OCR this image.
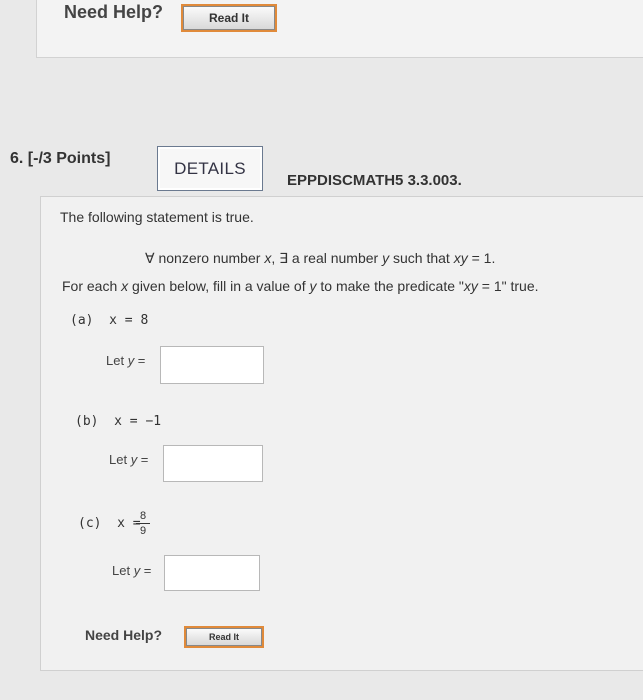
Need Help?	Read It
6. [-/3 Points]	DETAILS
EPPDISCMATH5 3.3.003.
The following statement is true.
∀ nonzero number x, ∃ a real number y such that xy = 1.
For each x given below, fill in a value of y to make the predicate "xy = 1" true.
(a) x = 8
Let y =
(b) x = −1
Let y =
(c) x = 8
9
Let y =
Need Help?	Read It
